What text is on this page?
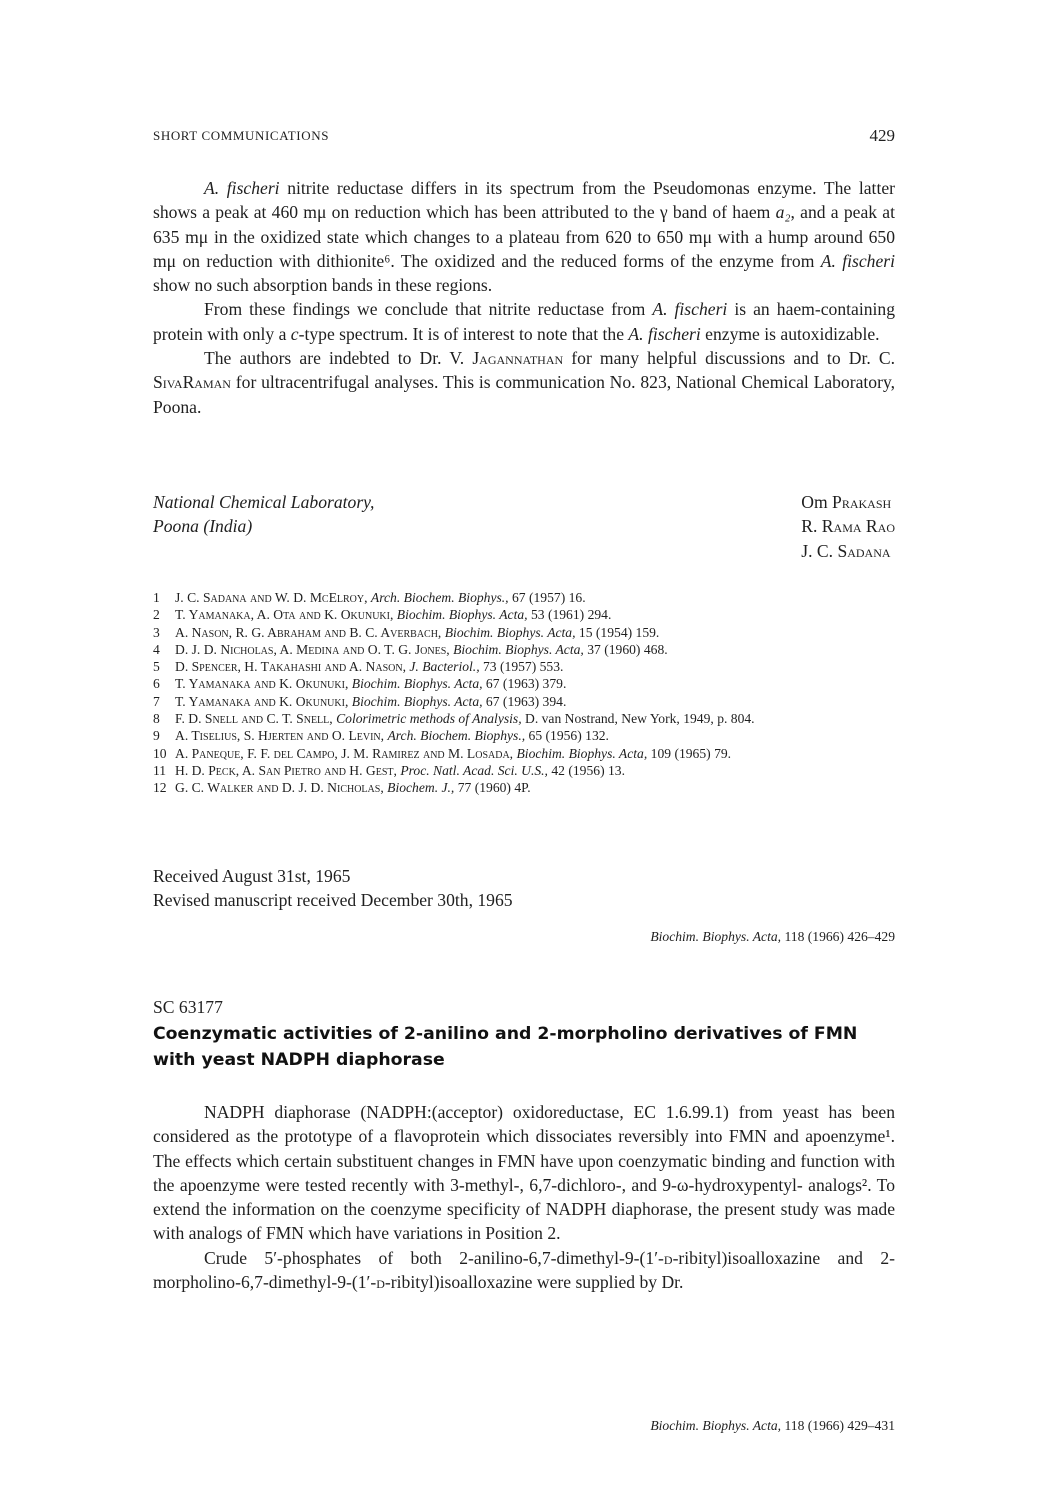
SHORT COMMUNICATIONS	429

A. fischeri nitrite reductase differs in its spectrum from the Pseudomonas enzyme. The latter shows a peak at 460 mμ on reduction which has been attributed to the γ band of haem a₂, and a peak at 635 mμ in the oxidized state which changes to a plateau from 620 to 650 mμ with a hump around 650 mμ on reduction with dithionite⁶. The oxidized and the reduced forms of the enzyme from A. fischeri show no such absorption bands in these regions.

From these findings we conclude that nitrite reductase from A. fischeri is an haem-containing protein with only a c-type spectrum. It is of interest to note that the A. fischeri enzyme is autoxidizable.

The authors are indebted to Dr. V. Jagannathan for many helpful discussions and to Dr. C. SivaRaman for ultracentrifugal analyses. This is communication No. 823, National Chemical Laboratory, Poona.

National Chemical Laboratory,
Poona (India)
Om Prakash
R. Rama Rao
J. C. Sadana
1 J. C. Sadana and W. D. McElroy, Arch. Biochem. Biophys., 67 (1957) 16.
2 T. Yamanaka, A. Ota and K. Okunuki, Biochim. Biophys. Acta, 53 (1961) 294.
3 A. Nason, R. G. Abraham and B. C. Averbach, Biochim. Biophys. Acta, 15 (1954) 159.
4 D. J. D. Nicholas, A. Medina and O. T. G. Jones, Biochim. Biophys. Acta, 37 (1960) 468.
5 D. Spencer, H. Takahashi and A. Nason, J. Bacteriol., 73 (1957) 553.
6 T. Yamanaka and K. Okunuki, Biochim. Biophys. Acta, 67 (1963) 379.
7 T. Yamanaka and K. Okunuki, Biochim. Biophys. Acta, 67 (1963) 394.
8 F. D. Snell and C. T. Snell, Colorimetric methods of Analysis, D. van Nostrand, New York, 1949, p. 804.
9 A. Tiselius, S. Hjerten and O. Levin, Arch. Biochem. Biophys., 65 (1956) 132.
10 A. Paneque, F. F. del Campo, J. M. Ramirez and M. Losada, Biochim. Biophys. Acta, 109 (1965) 79.
11 H. D. Peck, A. San Pietro and H. Gest, Proc. Natl. Acad. Sci. U.S., 42 (1956) 13.
12 G. C. Walker and D. J. D. Nicholas, Biochem. J., 77 (1960) 4P.
Received August 31st, 1965
Revised manuscript received December 30th, 1965
Biochim. Biophys. Acta, 118 (1966) 426–429
SC 63177
Coenzymatic activities of 2-anilino and 2-morpholino derivatives of FMN with yeast NADPH diaphorase

NADPH diaphorase (NADPH:(acceptor) oxidoreductase, EC 1.6.99.1) from yeast has been considered as the prototype of a flavoprotein which dissociates reversibly into FMN and apoenzyme¹. The effects which certain substituent changes in FMN have upon coenzymatic binding and function with the apoenzyme were tested recently with 3-methyl-, 6,7-dichloro-, and 9-ω-hydroxypentyl- analogs². To extend the information on the coenzyme specificity of NADPH diaphorase, the present study was made with analogs of FMN which have variations in Position 2.

Crude 5′-phosphates of both 2-anilino-6,7-dimethyl-9-(1′-d-ribityl)isoalloxazine and 2-morpholino-6,7-dimethyl-9-(1′-d-ribityl)isoalloxazine were supplied by Dr.

Biochim. Biophys. Acta, 118 (1966) 429–431
